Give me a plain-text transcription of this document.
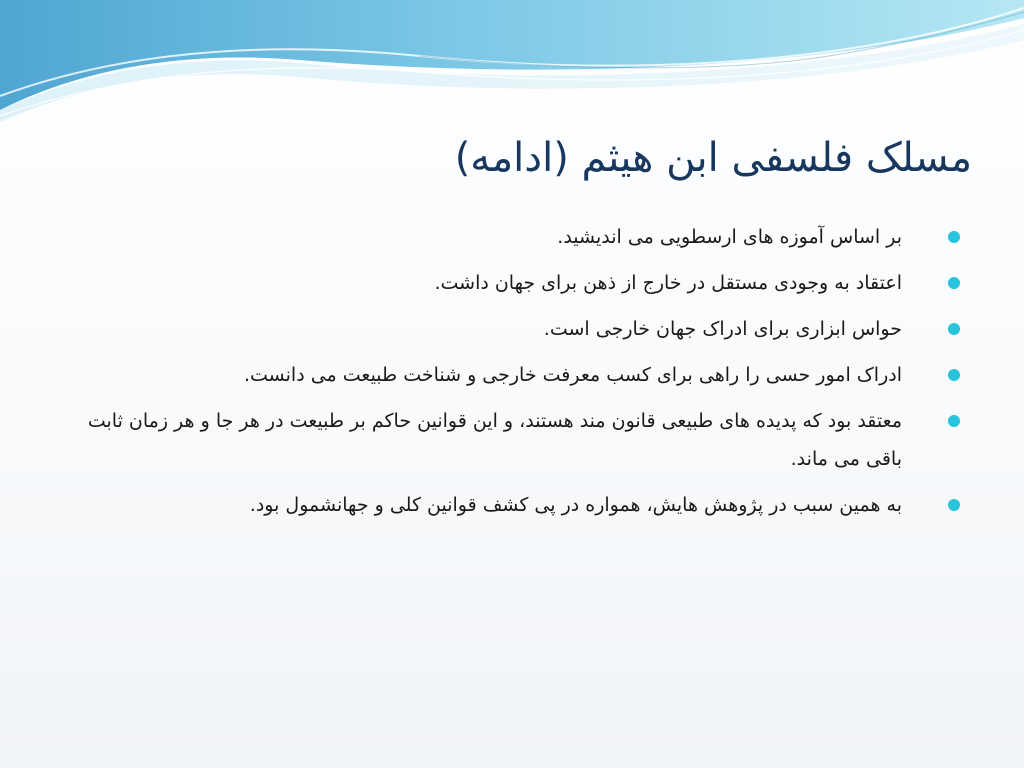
مسلک فلسفی ابن هیثم (ادامه)
بر اساس آموزه های ارسطویی می اندیشید.
اعتقاد به وجودی مستقل در خارج از ذهن برای جهان داشت.
حواس ابزاری برای ادراک جهان خارجی است.
ادراک امور حسی را راهی برای کسب معرفت خارجی و شناخت طبیعت می دانست.
معتقد بود که پدیده های طبیعی قانون مند هستند، و این قوانین حاکم بر طبیعت در هر جا و هر زمان ثابت باقی می ماند.
به همین سبب در پژوهش هایش، همواره در پی کشف قوانین کلی و جهانشمول بود.
